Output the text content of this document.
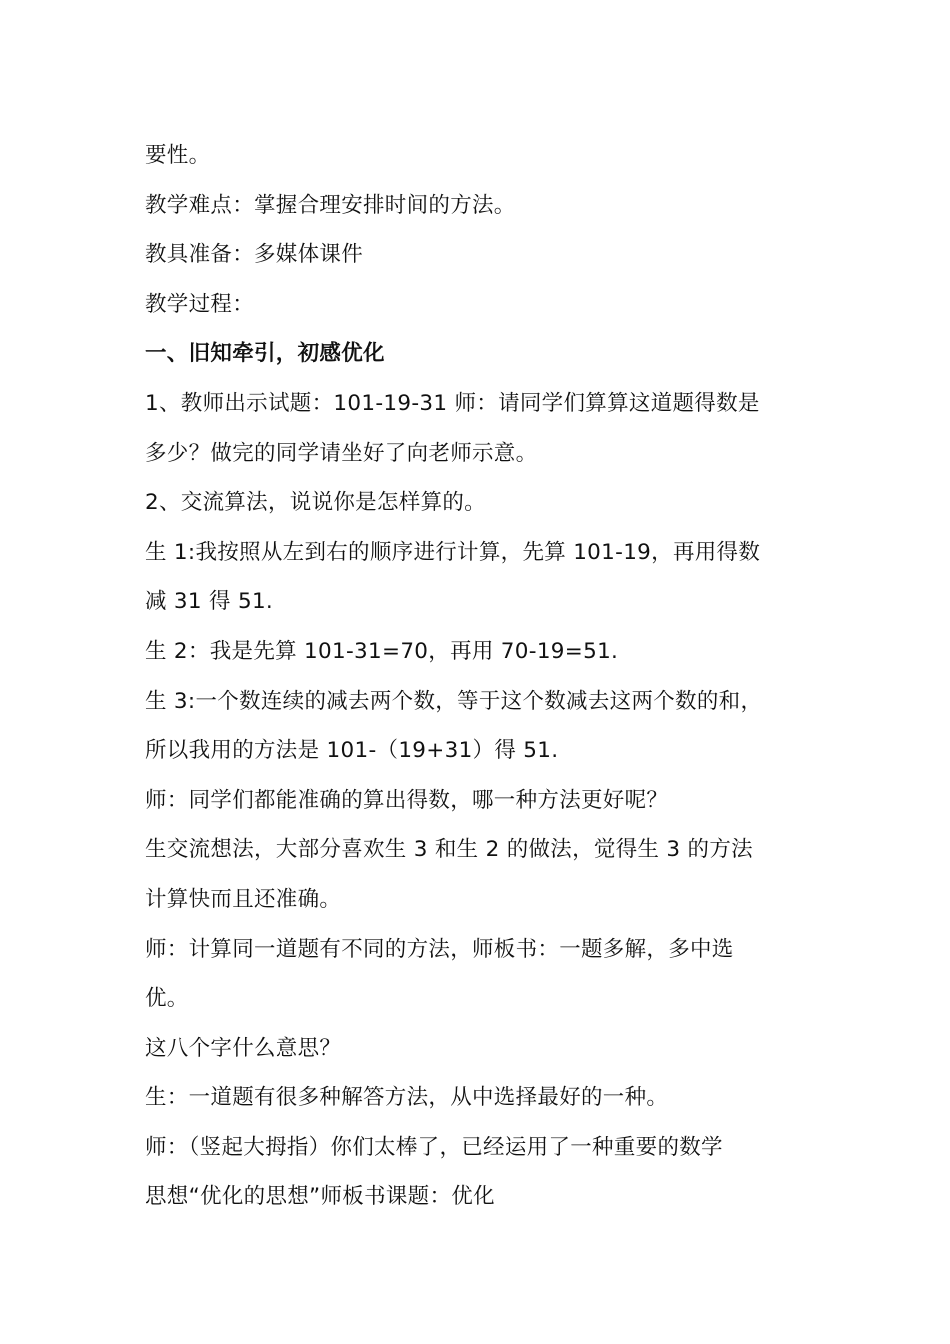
要性。
教学难点：掌握合理安排时间的方法。
教具准备：多媒体课件
教学过程：
一、旧知牵引，初感优化
1、教师出示试题：101-19-31 师：请同学们算算这道题得数是
多少？做完的同学请坐好了向老师示意。
2、交流算法，说说你是怎样算的。
生 1:我按照从左到右的顺序进行计算，先算 101-19，再用得数
减 31 得 51.
生 2：我是先算 101-31=70，再用 70-19=51.
生 3:一个数连续的减去两个数，等于这个数减去这两个数的和，
所以我用的方法是 101-（19+31）得 51.
师：同学们都能准确的算出得数，哪一种方法更好呢？
生交流想法，大部分喜欢生 3 和生 2 的做法，觉得生 3 的方法
计算快而且还准确。
师：计算同一道题有不同的方法，师板书：一题多解，多中选
优。
这八个字什么意思？
生：一道题有很多种解答方法，从中选择最好的一种。
师：（竖起大拇指）你们太棒了，已经运用了一种重要的数学
思想“优化的思想”师板书课题：优化
